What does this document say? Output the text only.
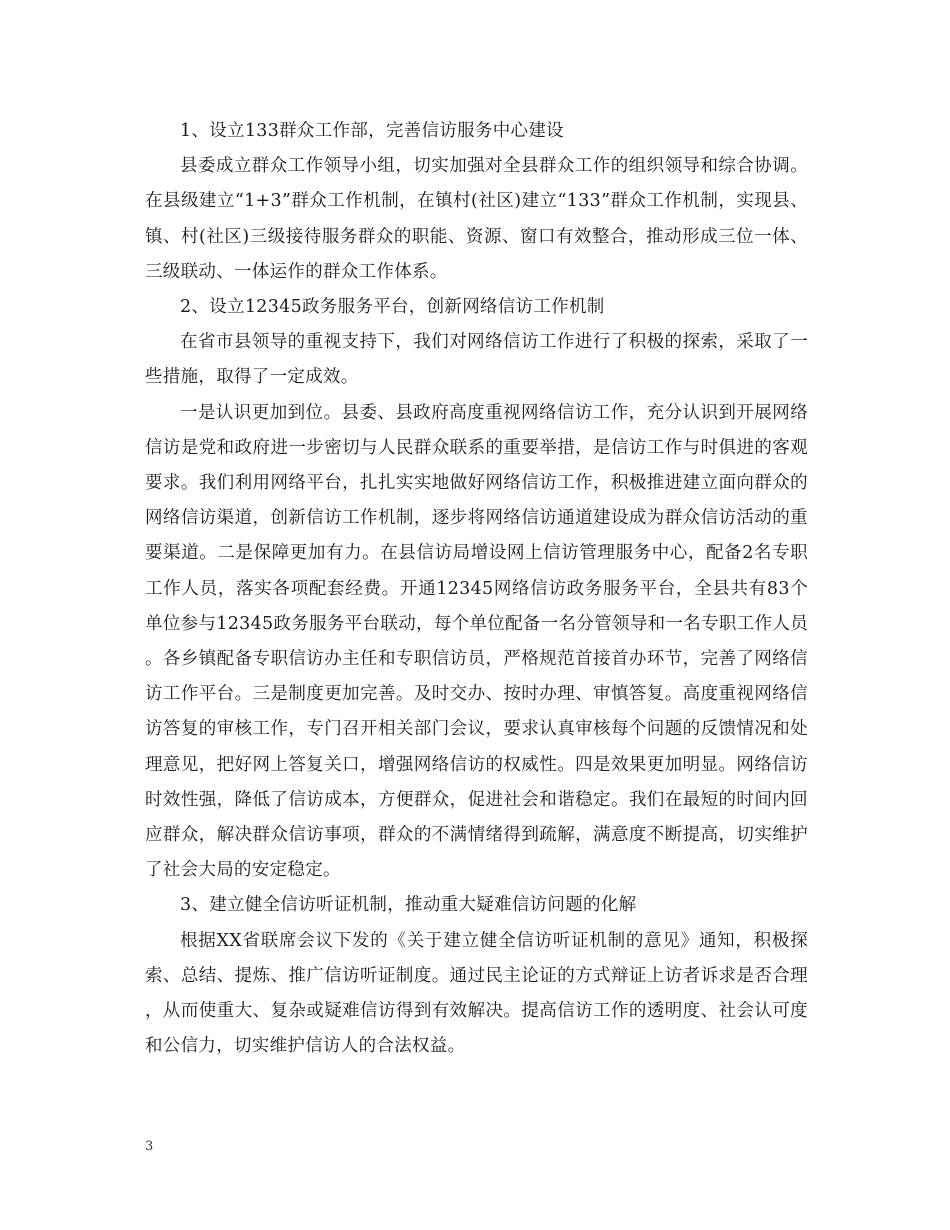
1、设立133群众工作部，完善信访服务中心建设

县委成立群众工作领导小组，切实加强对全县群众工作的组织领导和综合协调。在县级建立“1+3”群众工作机制，在镇村(社区)建立“133”群众工作机制，实现县、镇、村(社区)三级接待服务群众的职能、资源、窗口有效整合，推动形成三位一体、三级联动、一体运作的群众工作体系。

2、设立12345政务服务平台，创新网络信访工作机制

在省市县领导的重视支持下，我们对网络信访工作进行了积极的探索，采取了一些措施，取得了一定成效。

一是认识更加到位。县委、县政府高度重视网络信访工作，充分认识到开展网络信访是党和政府进一步密切与人民群众联系的重要举措，是信访工作与时俱进的客观要求。我们利用网络平台，扎扎实实地做好网络信访工作，积极推进建立面向群众的网络信访渠道，创新信访工作机制，逐步将网络信访通道建设成为群众信访活动的重要渠道。二是保障更加有力。在县信访局增设网上信访管理服务中心，配备2名专职工作人员，落实各项配套经费。开通12345网络信访政务服务平台，全县共有83个单位参与12345政务服务平台联动，每个单位配备一名分管领导和一名专职工作人员。各乡镇配备专职信访办主任和专职信访员，严格规范首接首办环节，完善了网络信访工作平台。三是制度更加完善。及时交办、按时办理、审慎答复。高度重视网络信访答复的审核工作，专门召开相关部门会议，要求认真审核每个问题的反馈情况和处理意见，把好网上答复关口，增强网络信访的权威性。四是效果更加明显。网络信访时效性强，降低了信访成本，方便群众，促进社会和谐稳定。我们在最短的时间内回应群众，解决群众信访事项，群众的不满情绪得到疏解，满意度不断提高，切实维护了社会大局的安定稳定。

3、建立健全信访听证机制，推动重大疑难信访问题的化解

根据XX省联席会议下发的《关于建立健全信访听证机制的意见》通知，积极探索、总结、提炼、推广信访听证制度。通过民主论证的方式辩证上访者诉求是否合理，从而使重大、复杂或疑难信访得到有效解决。提高信访工作的透明度、社会认可度和公信力，切实维护信访人的合法权益。

3
